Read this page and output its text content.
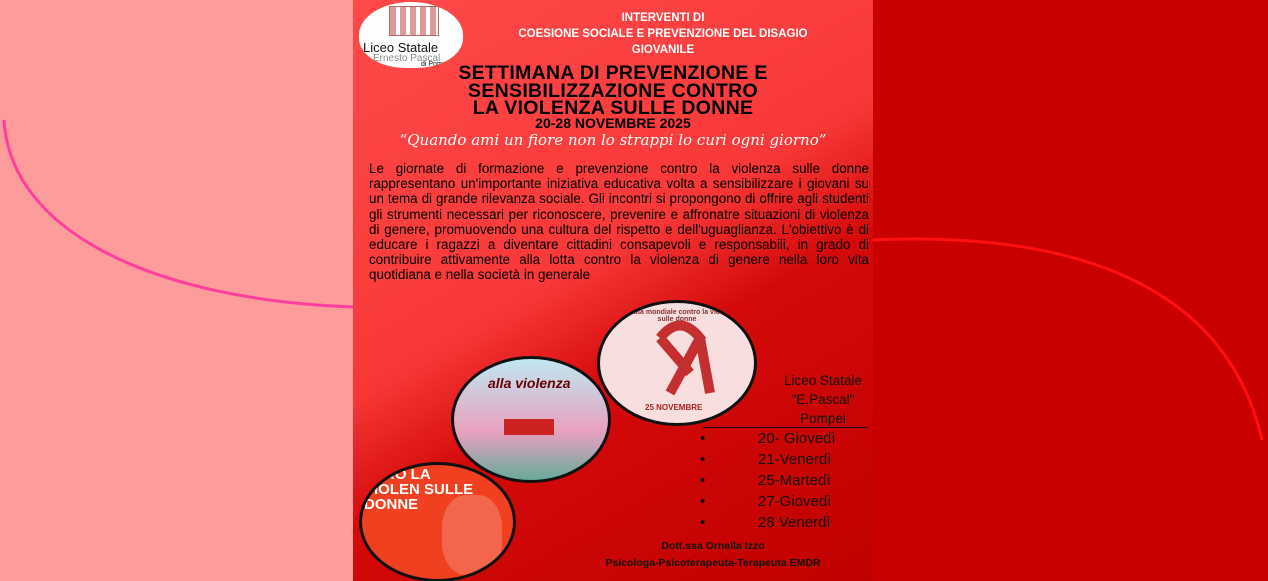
Liceo Statale
Ernesto Pascal
di Pompei
INTERVENTI DI
COESIONE SOCIALE E PREVENZIONE DEL DISAGIO
GIOVANILE
SETTIMANA DI PREVENZIONE E
SENSIBILIZZAZIONE CONTRO
LA VIOLENZA SULLE DONNE
20-28 NOVEMBRE 2025
“Quando ami un fiore non lo strappi lo curi ogni giorno”
Le giornate di formazione e prevenzione contro la violenza sulle donne rappresentano un'importante iniziativa educativa volta a sensibilizzare i giovani su un tema di grande rilevanza sociale. Gli incontri si propongono di offrire agli studenti gli strumenti necessari per riconoscere, prevenire e affronatre situazioni di violenza di genere, promuovendo una cultura del rispetto e dell'uguaglianza. L'obiettivo è di educare i ragazzi a diventare cittadini consapevoli e responsabili, in grado di contribuire attivamente alla lotta contro la violenza di genere nella loro vita quotidiana e nella società in generale
giornata mondiale contro la violenza sulle donne
25 NOVEMBRE
alla violenza
NTRO LA VIOLEN SULLE DONNE
Liceo Statale
"E.Pascal"
Pompei
•	20- Giovedì
•	21-Venerdì
•	25-Martedì
•	27-Giovedì
•	28 Venerdì
Dott.ssa Ornella Izzo
Psicologa-Psicoterapeuta-Terapeuta EMDR
